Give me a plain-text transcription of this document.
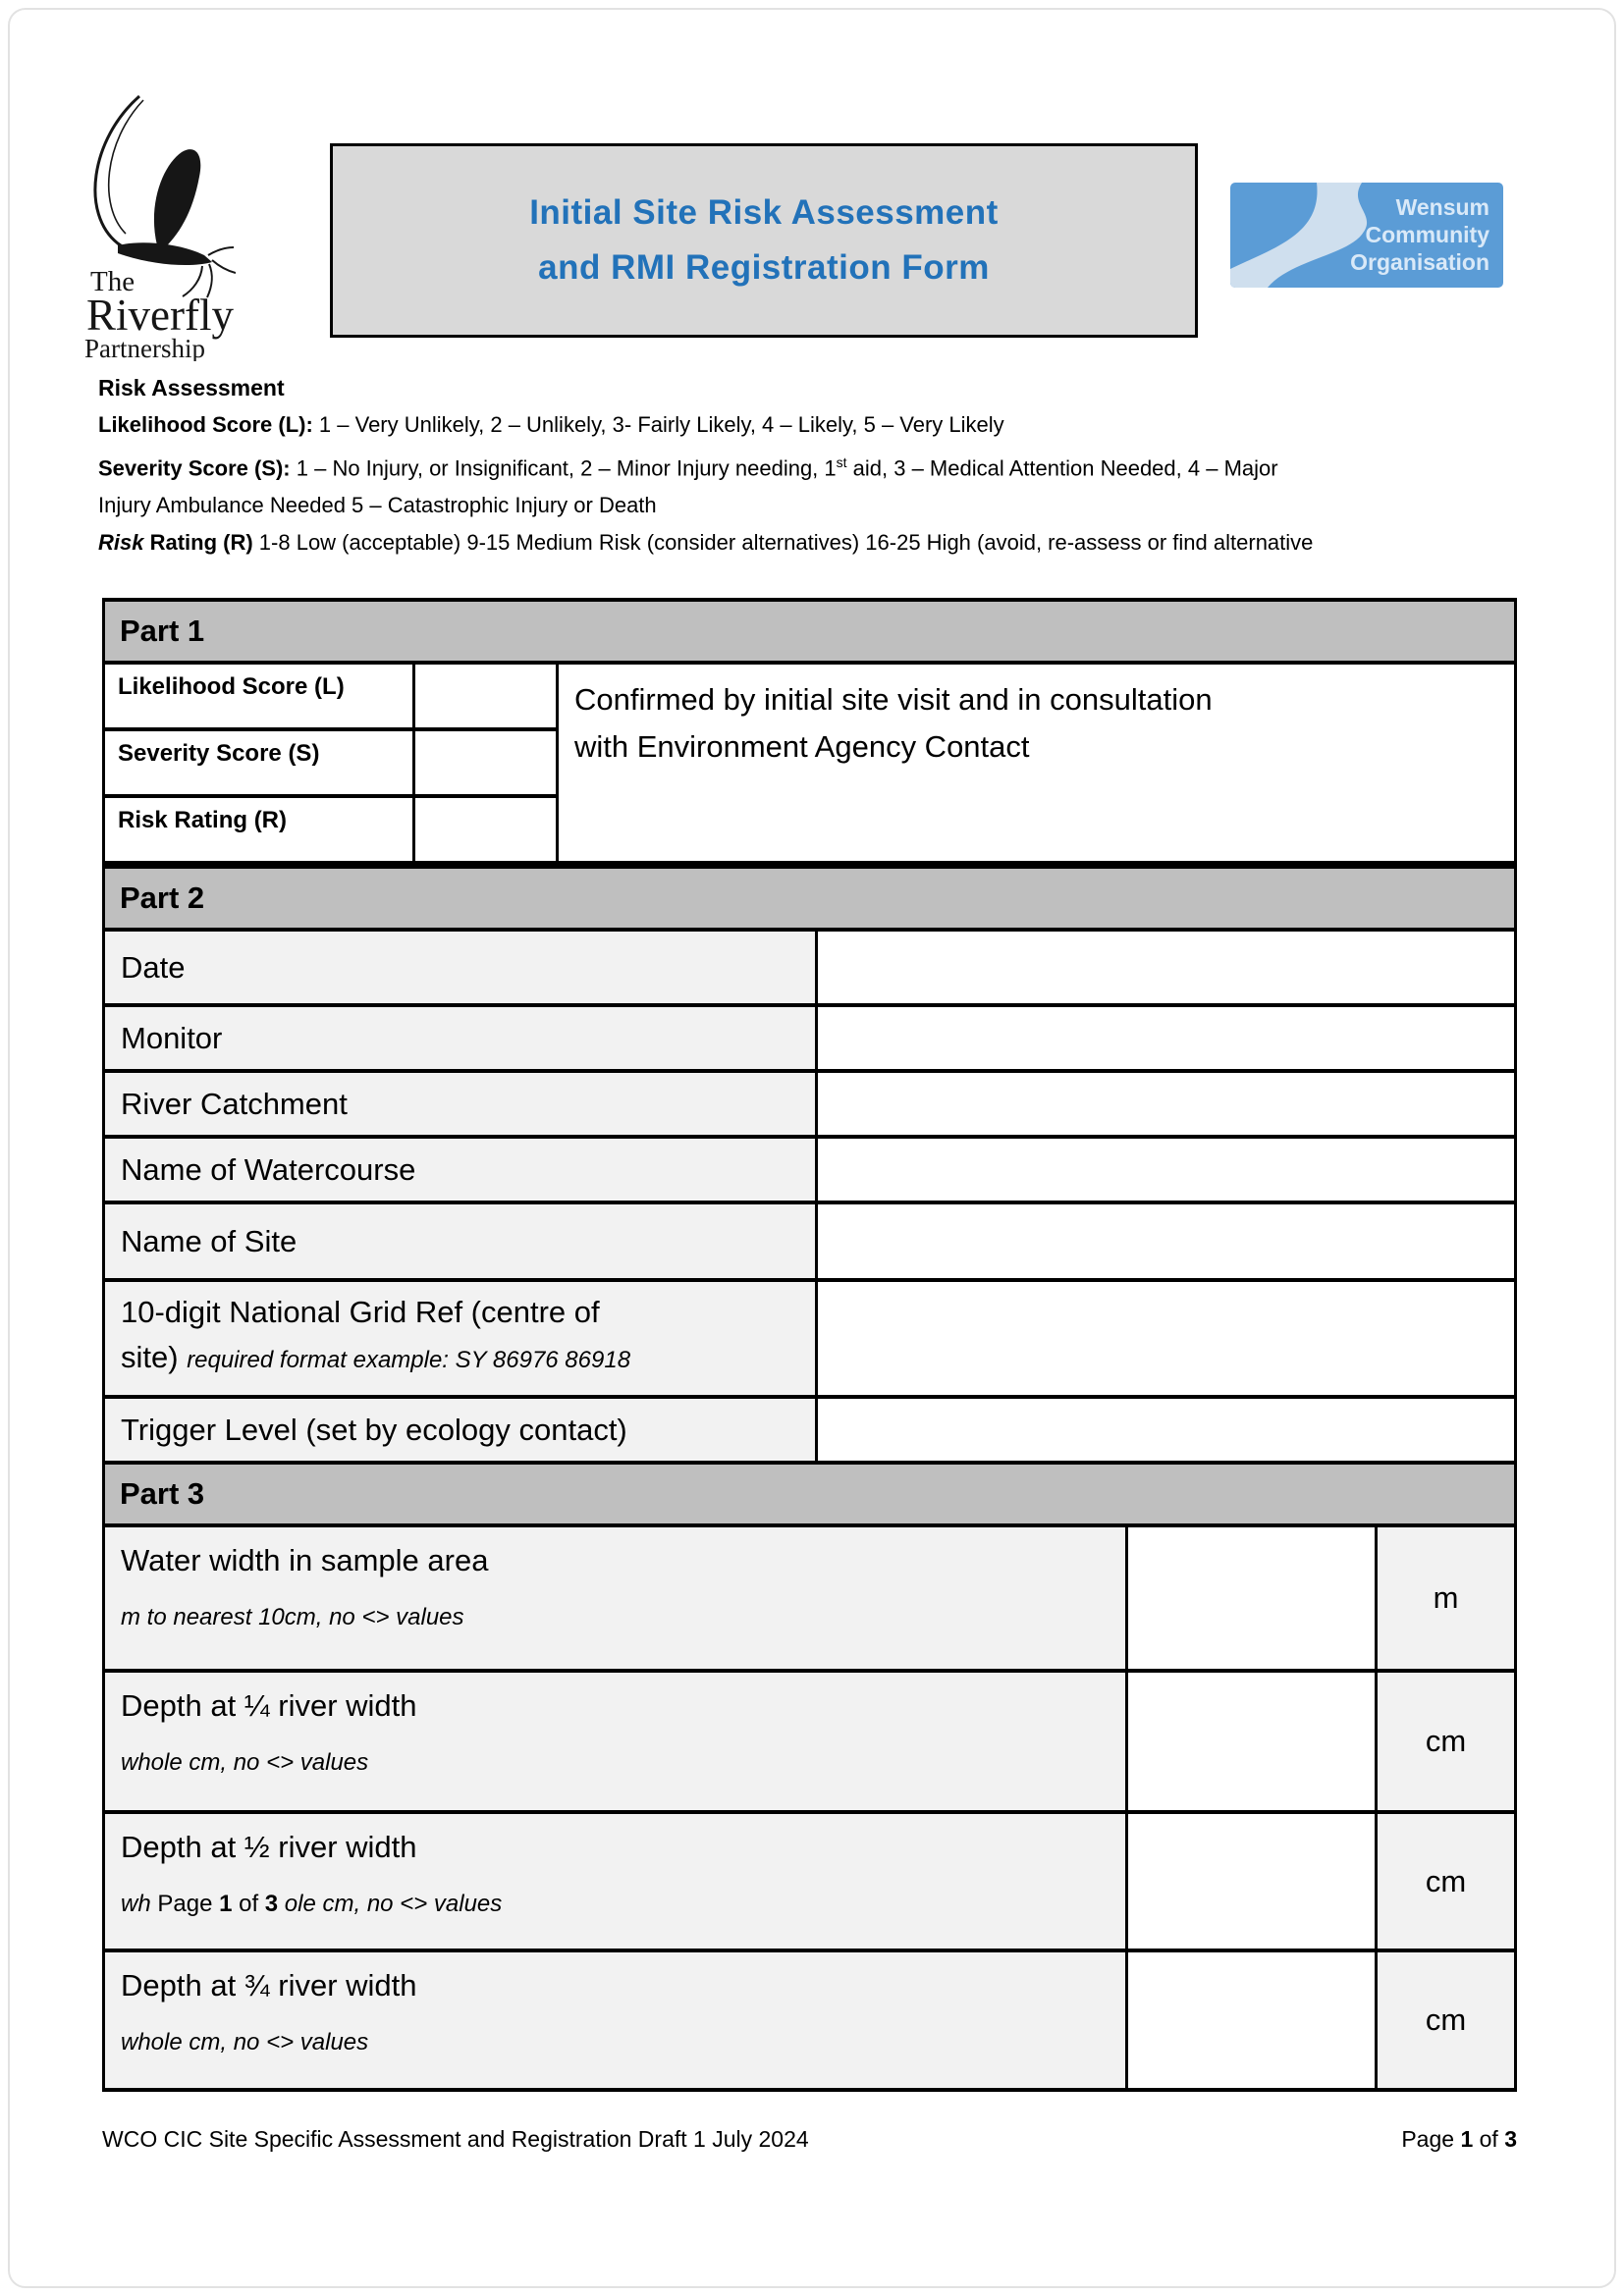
The
Riverfly
Partnership
Initial Site Risk Assessment
and RMI Registration Form
Wensum
Community
Organisation
Risk Assessment
Likelihood Score (L): 1 – Very Unlikely, 2 – Unlikely, 3- Fairly Likely, 4 – Likely, 5 – Very Likely
Severity Score (S): 1 – No Injury, or Insignificant, 2 – Minor Injury needing, 1st aid, 3 – Medical Attention Needed, 4 – Major
Injury Ambulance Needed 5 – Catastrophic Injury or Death
Risk Rating (R) 1-8 Low (acceptable) 9-15 Medium Risk (consider alternatives) 16-25 High (avoid, re-assess or find alternative
Part 1
Likelihood Score (L)
Severity Score (S)
Risk Rating (R)
Confirmed by initial site visit and in consultation
with Environment Agency Contact
Part 2
Date
Monitor
River Catchment
Name of Watercourse
Name of Site
10-digit National Grid Ref (centre of
site) required format example: SY 86976 86918
Trigger Level (set by ecology contact)
Part 3
Water width in sample area
m to nearest 10cm, no <> values
m
Depth at ¼ river width
whole cm, no <> values
cm
Depth at ½ river width
wh Page 1 of 3 ole cm, no <> values
cm
Depth at ¾ river width
whole cm, no <> values
cm
WCO CIC Site Specific Assessment and Registration Draft 1 July 2024	Page 1 of 3
